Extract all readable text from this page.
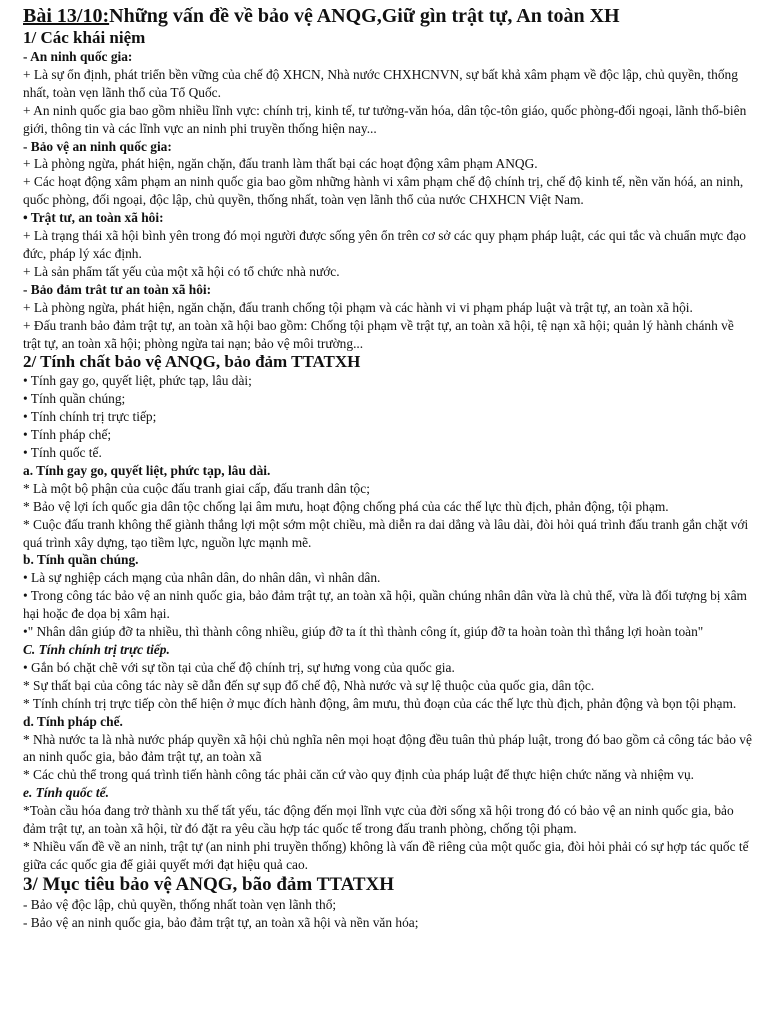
Bài 13/10:Những vấn đề về bảo vệ ANQG,Giữ gìn trật tự, An toàn XH
1/ Các khái niệm
- An ninh quốc gia:
+ Là sự ổn định, phát triển bền vững của chế độ XHCN, Nhà nước CHXHCNVN, sự bất khả xâm phạm về độc lập, chủ quyền, thống nhất, toàn vẹn lãnh thổ của Tổ Quốc.
+ An ninh quốc gia bao gồm nhiều lĩnh vực: chính trị, kinh tế, tư tưởng-văn hóa, dân tộc-tôn giáo, quốc phòng-đối ngoại, lãnh thổ-biên giới, thông tin và các lĩnh vực an ninh phi truyền thống hiện nay...
- Bảo vệ an ninh quốc gia:
+ Là phòng ngừa, phát hiện, ngăn chặn, đấu tranh làm thất bại các hoạt động xâm phạm ANQG.
+ Các hoạt động xâm phạm an ninh quốc gia bao gồm những hành vi xâm phạm chế độ chính trị, chế độ kinh tế, nền văn hóá, an ninh, quốc phòng, đối ngoại, độc lập, chủ quyền, thống nhất, toàn vẹn lãnh thổ của nước CHXHCN Việt Nam.
• Trật tư, an toàn xã hôi:
+ Là trạng thái xã hội bình yên trong đó mọi người được sống yên ổn trên cơ sở các quy phạm pháp luật, các qui tắc và chuẩn mực đạo đức, pháp lý xác định.
+ Là sản phẩm tất yếu của một xã hội có tổ chức nhà nước.
- Bảo đảm trât tư an toàn xã hôi:
+ Là phòng ngừa, phát hiện, ngăn chặn, đấu tranh chống tội phạm và các hành vi vi phạm pháp luật và trật tự, an toàn xã hội.
+ Đấu tranh bảo đảm trật tự, an toàn xã hội bao gồm: Chống tội phạm về trật tự, an toàn xã hội, tệ nạn xã hội; quản lý hành chánh về trật tự, an toàn xã hội; phòng ngừa tai nạn; bảo vệ môi trường...
2/ Tính chất bảo vệ ANQG, bảo đảm TTATXH
• Tính gay go, quyết liệt, phức tạp, lâu dài;
• Tính quần chúng;
• Tính chính trị trực tiếp;
• Tính pháp chế;
• Tính quốc tế.
a. Tính gay go, quyết liệt, phức tạp, lâu dài.
* Là một bộ phận của cuộc đấu tranh giai cấp, đấu tranh dân tộc;
* Bảo vệ lợi ích quốc gia dân tộc chống lại âm mưu, hoạt động chống phá của các thế lực thù địch, phản động, tội phạm.
* Cuộc đấu tranh không thể giành thắng lợi một sớm một chiều, mà diễn ra dai dẳng và lâu dài, đòi hỏi quá trình đấu tranh gắn chặt với quá trình xây dựng, tạo tiềm lực, nguồn lực mạnh mẽ.
b. Tính quần chúng.
• Là sự nghiệp cách mạng của nhân dân, do nhân dân, vì nhân dân.
• Trong công tác bảo vệ an ninh quốc gia, bảo đảm trật tự, an toàn xã hội, quần chúng nhân dân vừa là chủ thể, vừa là đối tượng bị xâm hại hoặc đe dọa bị xâm hại.
•" Nhân dân giúp đỡ ta nhiều, thì thành công nhiều, giúp đỡ ta ít thì thành công ít, giúp đỡ ta hoàn toàn thì thắng lợi hoàn toàn"
C. Tính chính trị trực tiếp.
• Gắn bó chặt chẽ với sự tồn tại của chế độ chính trị, sự hưng vong của quốc gia.
* Sự thất bại của công tác này sẽ dẫn đến sự sụp đổ chế độ, Nhà nước và sự lệ thuộc của quốc gia, dân tộc.
* Tính chính trị trực tiếp còn thể hiện ở mục đích hành động, âm mưu, thủ đoạn của các thế lực thù địch, phản động và bọn tội phạm.
d. Tính pháp chế.
* Nhà nước ta là nhà nước pháp quyền xã hội chủ nghĩa nên mọi hoạt động đều tuân thủ pháp luật, trong đó bao gồm cả công tác bảo vệ an ninh quốc gia, bảo đảm trật tự, an toàn xã
* Các chủ thể trong quá trình tiến hành công tác phải căn cứ vào quy định của pháp luật để thực hiện chức năng và nhiệm vụ.
e. Tính quốc tế.
*Toàn cầu hóa đang trở thành xu thế tất yếu, tác động đến mọi lĩnh vực của đời sống xã hội trong đó có bảo vệ an ninh quốc gia, bảo đảm trật tự, an toàn xã hội, từ đó đặt ra yêu cầu hợp tác quốc tế trong đấu tranh phòng, chống tội phạm.
* Nhiều vấn đề về an ninh, trật tự (an ninh phi truyền thống) không là vấn đề riêng của một quốc gia, đòi hỏi phải có sự hợp tác quốc tế giữa các quốc gia để giải quyết mới đạt hiệu quả cao.
3/ Mục tiêu bảo vệ ANQG, bão đảm TTATXH
- Bảo vệ độc lập, chủ quyền, thống nhất toàn vẹn lãnh thổ;
- Bảo vệ an ninh quốc gia, bảo đảm trật tự, an toàn xã hội và nền văn hóa;
